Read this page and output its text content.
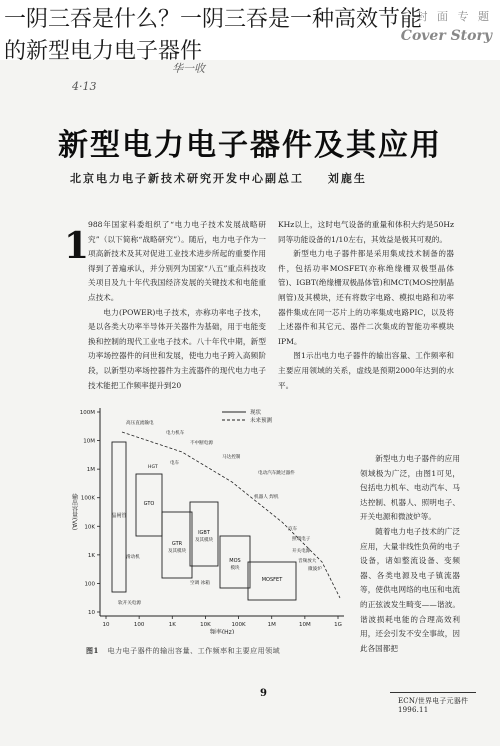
一阴三吞是什么？一阴三吞是一种高效节能
的新型电力电子器件
封 面 专 题
Cover Story
4·13
华一收
新型电力电子器件及其应用
北京电力电子新技术研究开发中心副总工 刘鹿生
1

988年国家科委组织了“电力电子技术发展战略研究”（以下简称“战略研究”）。随后，电力电子作为一项高新技术及其对促进工业技术进步所起的重要作用得到了普遍承认，并分别列为国家“八五”重点科技攻关项目及九十年代我国经济发展的关键技术和电能重点技术。

电力(POWER)电子技术，亦称功率电子技术，是以各类大功率半导体开关器件为基础，用于电能变换和控制的现代工业电子技术。八十年代中期，新型功率场控器件的问世和发展，使电力电子跨入高频阶段，以新型功率场控器件为主流器件的现代电力电子技术能把工作频率提升到20

KHz以上，这时电气设备的重量和体积大约是50Hz同等功能设备的1/10左右，其效益是极其可观的。

新型电力电子器件都是采用集成技术制备的器件，包括功率MOSFET(亦称绝缘栅双极型晶体管)、IGBT(绝缘栅双极晶体管)和MCT(MOS控制晶闸管)及其模块，还有将数字电路、模拟电路和功率器件集成在同一芯片上的功率集成电路PIC，以及将上述器件和其它元、器件二次集成的智能功率模块IPM。

图1示出电力电子器件的输出容量、工作频率和主要应用领域的关系，虚线是预期2000年达到的水平。

新型电力电子器件的应用领域极为广泛，由图1可见，包括电力机车、电动汽车、马达控制、机器人、照明电子、开关电源和微波炉等。

随着电力电子技术的广泛应用，大量非线性负荷的电子设备，诸如整流设备、变频器、各类电源及电子镇流器等，使供电网络的电压和电流的正弦波发生畸变——谐波。谐波损耗电能的合理高效利用，还会引发不安全事故，因此各国都把

100M
10M
1M
100K
10K
1K
100
10
10	100	1K	10K	100K	1M	10M	1G
输出容量(VA)
频率(Hz)
现状
未来预测
晶闸管
GTO
GTR
及其模块
IGBT
及其模块
MOS
模块
MOSFET
高压直流输电
电力机车
不中断电源
马达控制
电车
电动汽车跳过器件
机器人 焊机
汽车
照明电子
开关电源
音频放大
微波炉
空调 冰箱
滑动机
软开关电源
HGT
图1 电力电子器件的输出容量、工作频率和主要应用领域
9
ECN/世界电子元器件 1996.11
